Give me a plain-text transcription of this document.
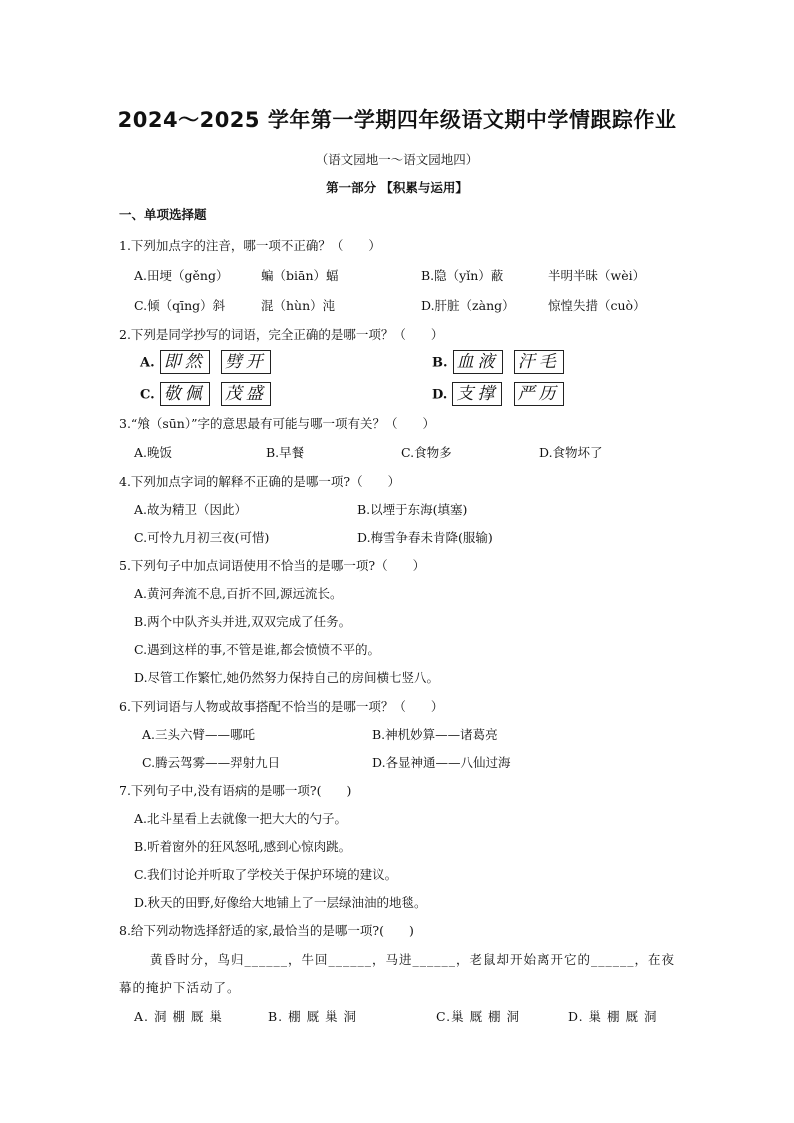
2024～2025 学年第一学期四年级语文期中学情跟踪作业
（语文园地一～语文园地四）
第一部分 【积累与运用】
一、单项选择题
1.下列加点字的注音，哪一项不正确？（　　）
A.田埂（gěng）	蝙（biān）蝠	B.隐（yǐn）蔽	半明半昧（wèi）
C.倾（qīng）斜	混（hùn）沌	D.肝脏（zàng）	惊惶失措（cuò）
2.下列是同学抄写的词语，完全正确的是哪一项？（　　）
A. 即然 劈开	B. 血液 汗毛
C. 敬佩 茂盛	D. 支撑 严历
3.“飧（sūn）”字的意思最有可能与哪一项有关？（　　）
A.晚饭	B.早餐	C.食物多	D.食物坏了
4.下列加点字词的解释不正确的是哪一项?（　　）
A.故为精卫（因此）	B.以堙于东海(填塞)
C.可怜九月初三夜(可惜)	D.梅雪争春未肯降(服输)
5.下列句子中加点词语使用不恰当的是哪一项?（　　）
A.黄河奔流不息,百折不回,源远流长。
B.两个中队齐头并进,双双完成了任务。
C.遇到这样的事,不管是谁,都会愤愤不平的。
D.尽管工作繁忙,她仍然努力保持自己的房间横七竖八。
6.下列词语与人物或故事搭配不恰当的是哪一项？（　　）
A.三头六臂——哪吒	B.神机妙算——诸葛亮
C.腾云驾雾——羿射九日	D.各显神通——八仙过海
7.下列句子中,没有语病的是哪一项?(　　)
A.北斗星看上去就像一把大大的勺子。
B.听着窗外的狂风怒吼,感到心惊肉跳。
C.我们讨论并听取了学校关于保护环境的建议。
D.秋天的田野,好像给大地铺上了一层绿油油的地毯。
8.给下列动物选择舒适的家,最恰当的是哪一项?(　　)
黄昏时分，鸟归______，牛回______，马进______，老鼠却开始离开它的______，在夜
幕的掩护下活动了。
A. 洞 棚 厩 巢	B. 棚 厩 巢 洞	C.巢 厩 棚 洞	D. 巢 棚 厩 洞
